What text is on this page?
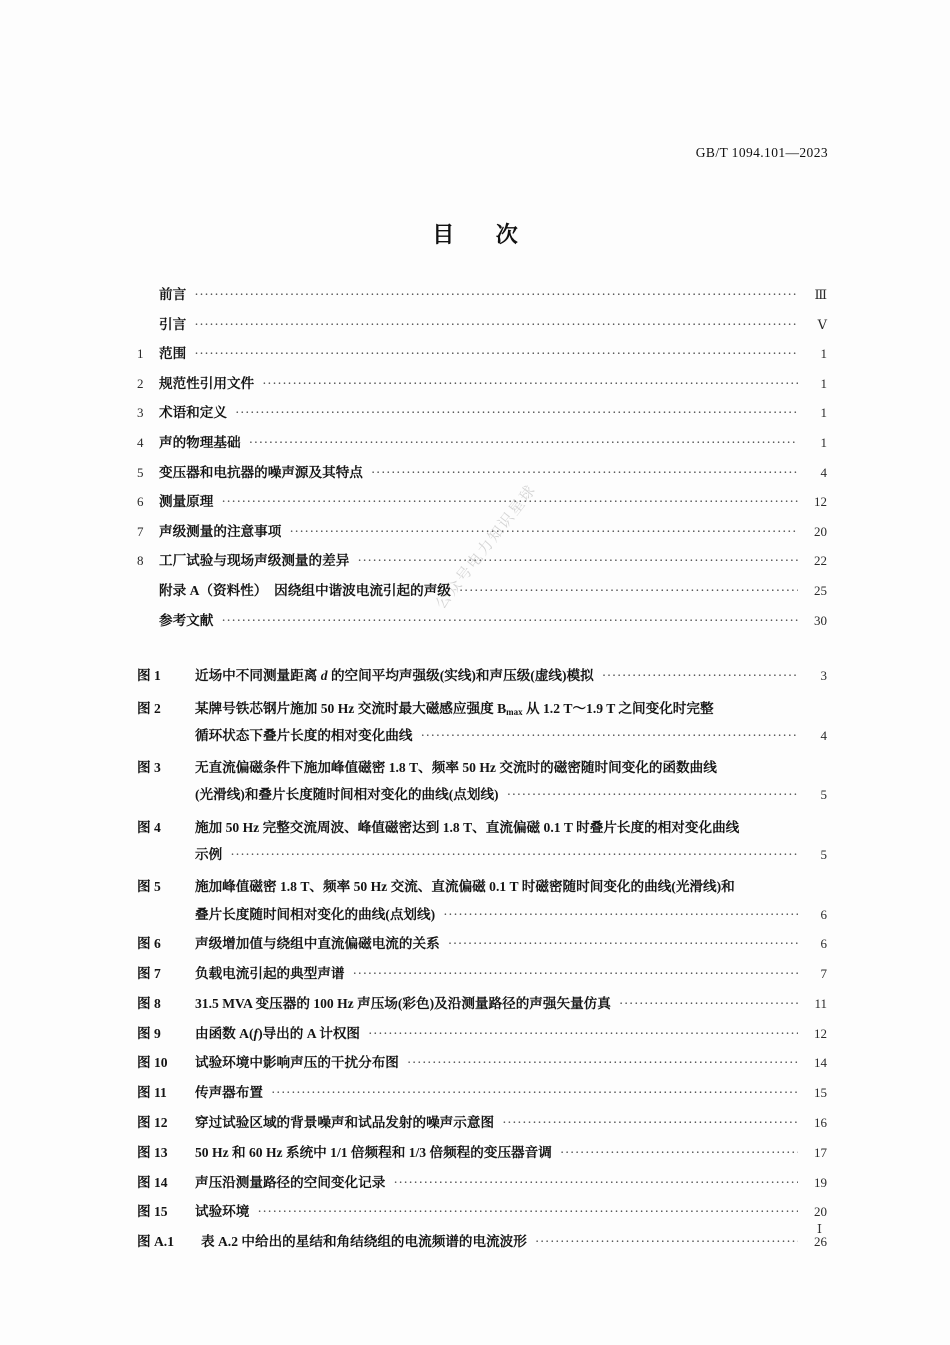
GB/T 1094.101—2023
目 次
公众号电力知识星球
前言 ·····	Ⅲ
引言 ·····	Ⅴ
1	范围 ·····	1
2	规范性引用文件 ·····	1
3	术语和定义 ·····	1
4	声的物理基础 ·····	1
5	变压器和电抗器的噪声源及其特点 ·····	4
6	测量原理 ·····	12
7	声级测量的注意事项 ·····	20
8	工厂试验与现场声级测量的差异 ·····	22
附录 A（资料性）　因绕组中谐波电流引起的声级 ·····	25
参考文献 ·····	30
图 1	近场中不同测量距离 d 的空间平均声强级(实线)和声压级(虚线)模拟 ·····	3
图 2	某牌号铁芯钢片施加 50 Hz 交流时最大磁感应强度 $B_{max}$ 从 1.2 T～1.9 T 之间变化时完整
循环状态下叠片长度的相对变化曲线 ·····	4
图 3	无直流偏磁条件下施加峰值磁密 1.8 T、频率 50 Hz 交流时的磁密随时间变化的函数曲线
(光滑线)和叠片长度随时间相对变化的曲线(点划线) ·····	5
图 4	施加 50 Hz 完整交流周波、峰值磁密达到 1.8 T、直流偏磁 0.1 T 时叠片长度的相对变化曲线
示例 ·····	5
图 5	施加峰值磁密 1.8 T、频率 50 Hz 交流、直流偏磁 0.1 T 时磁密随时间变化的曲线(光滑线)和
叠片长度随时间相对变化的曲线(点划线) ·····	6
图 6	声级增加值与绕组中直流偏磁电流的关系 ·····	6
图 7	负载电流引起的典型声谱 ·····	7
图 8	31.5 MVA 变压器的 100 Hz 声压场(彩色)及沿测量路径的声强矢量仿真 ·····	11
图 9	由函数 A(f)导出的 A 计权图 ·····	12
图 10	试验环境中影响声压的干扰分布图 ·····	14
图 11	传声器布置 ·····	15
图 12	穿过试验区域的背景噪声和试品发射的噪声示意图 ·····	16
图 13	50 Hz 和 60 Hz 系统中 1/1 倍频程和 1/3 倍频程的变压器音调 ·····	17
图 14	声压沿测量路径的空间变化记录 ·····	19
图 15	试验环境 ·····	20
图 A.1	表 A.2 中给出的星结和角结绕组的电流频谱的电流波形 ·····	26
Ⅰ
